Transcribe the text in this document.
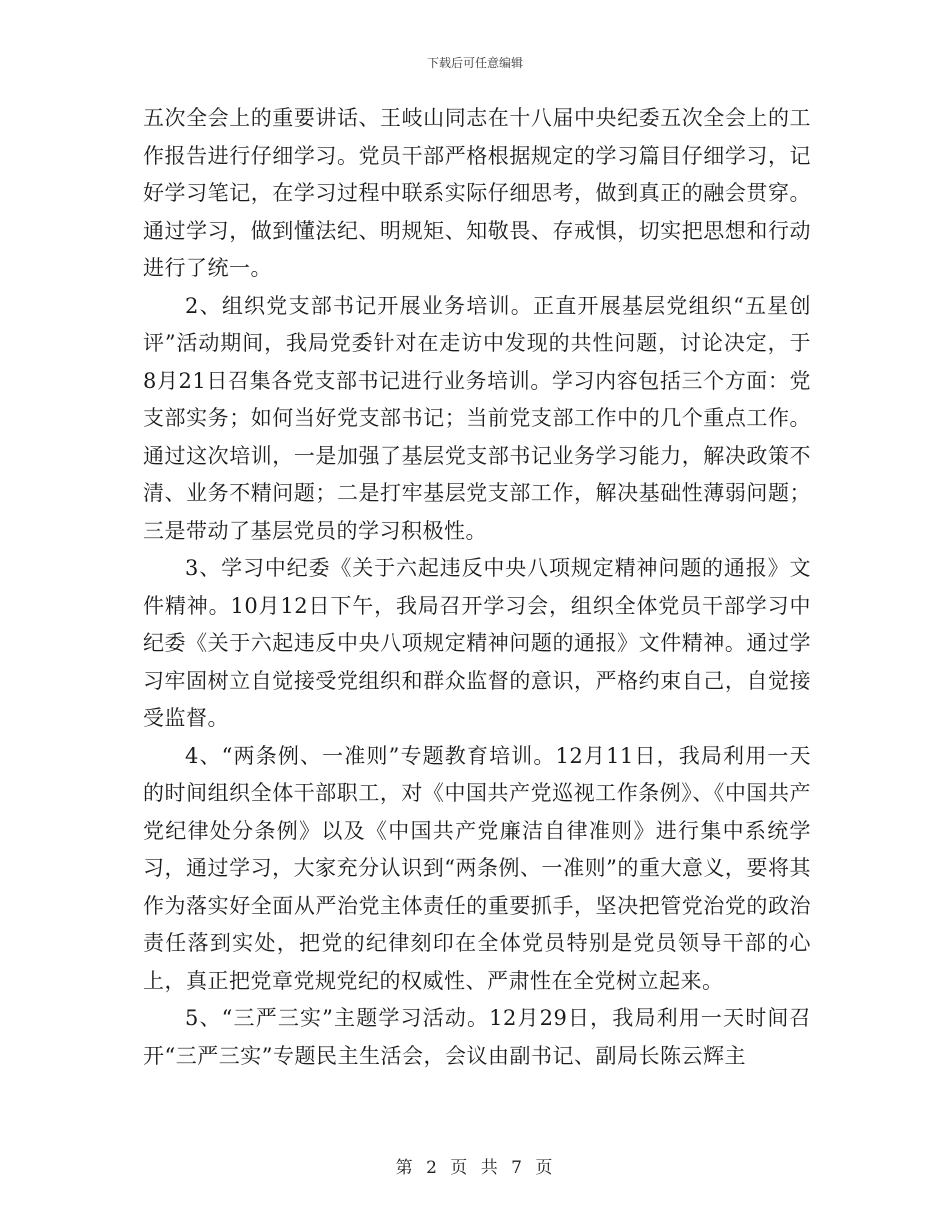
下载后可任意编辑

五次全会上的重要讲话、王岐山同志在十八届中央纪委五次全会上的工作报告进行仔细学习。党员干部严格根据规定的学习篇目仔细学习，记好学习笔记，在学习过程中联系实际仔细思考，做到真正的融会贯穿。通过学习，做到懂法纪、明规矩、知敬畏、存戒惧，切实把思想和行动进行了统一。

2、组织党支部书记开展业务培训。正直开展基层党组织“五星创评”活动期间，我局党委针对在走访中发现的共性问题，讨论决定，于8月21日召集各党支部书记进行业务培训。学习内容包括三个方面：党支部实务；如何当好党支部书记；当前党支部工作中的几个重点工作。通过这次培训，一是加强了基层党支部书记业务学习能力，解决政策不清、业务不精问题；二是打牢基层党支部工作，解决基础性薄弱问题；三是带动了基层党员的学习积极性。

3、学习中纪委《关于六起违反中央八项规定精神问题的通报》文件精神。10月12日下午，我局召开学习会，组织全体党员干部学习中纪委《关于六起违反中央八项规定精神问题的通报》文件精神。通过学习牢固树立自觉接受党组织和群众监督的意识，严格约束自己，自觉接受监督。

4、“两条例、一准则”专题教育培训。12月11日，我局利用一天的时间组织全体干部职工，对《中国共产党巡视工作条例》、《中国共产党纪律处分条例》以及《中国共产党廉洁自律准则》进行集中系统学习，通过学习，大家充分认识到“两条例、一准则”的重大意义，要将其作为落实好全面从严治党主体责任的重要抓手，坚决把管党治党的政治责任落到实处，把党的纪律刻印在全体党员特别是党员领导干部的心上，真正把党章党规党纪的权威性、严肃性在全党树立起来。

5、“三严三实”主题学习活动。12月29日，我局利用一天时间召开“三严三实”专题民主生活会，会议由副书记、副局长陈云辉主

第 2 页 共 7 页
